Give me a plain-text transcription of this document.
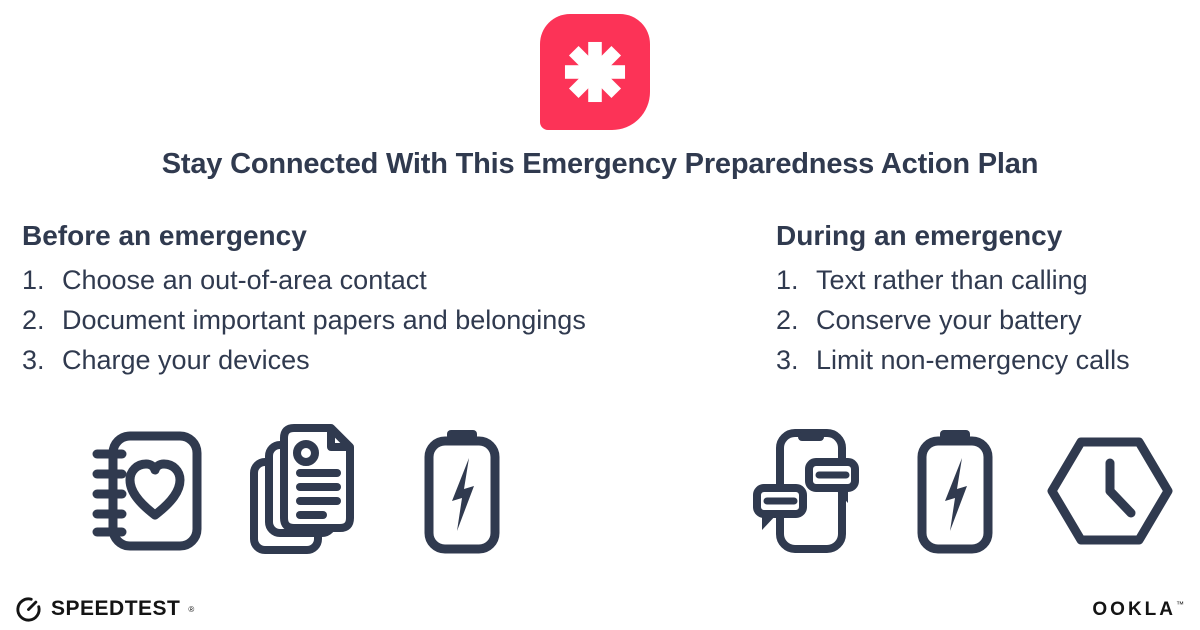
Stay Connected With This Emergency Preparedness Action Plan
Before an emergency
Choose an out-of-area contact
Document important papers and belongings
Charge your devices
During an emergency
Text rather than calling
Conserve your battery
Limit non-emergency calls
SPEEDTEST ®	OOKLA™
